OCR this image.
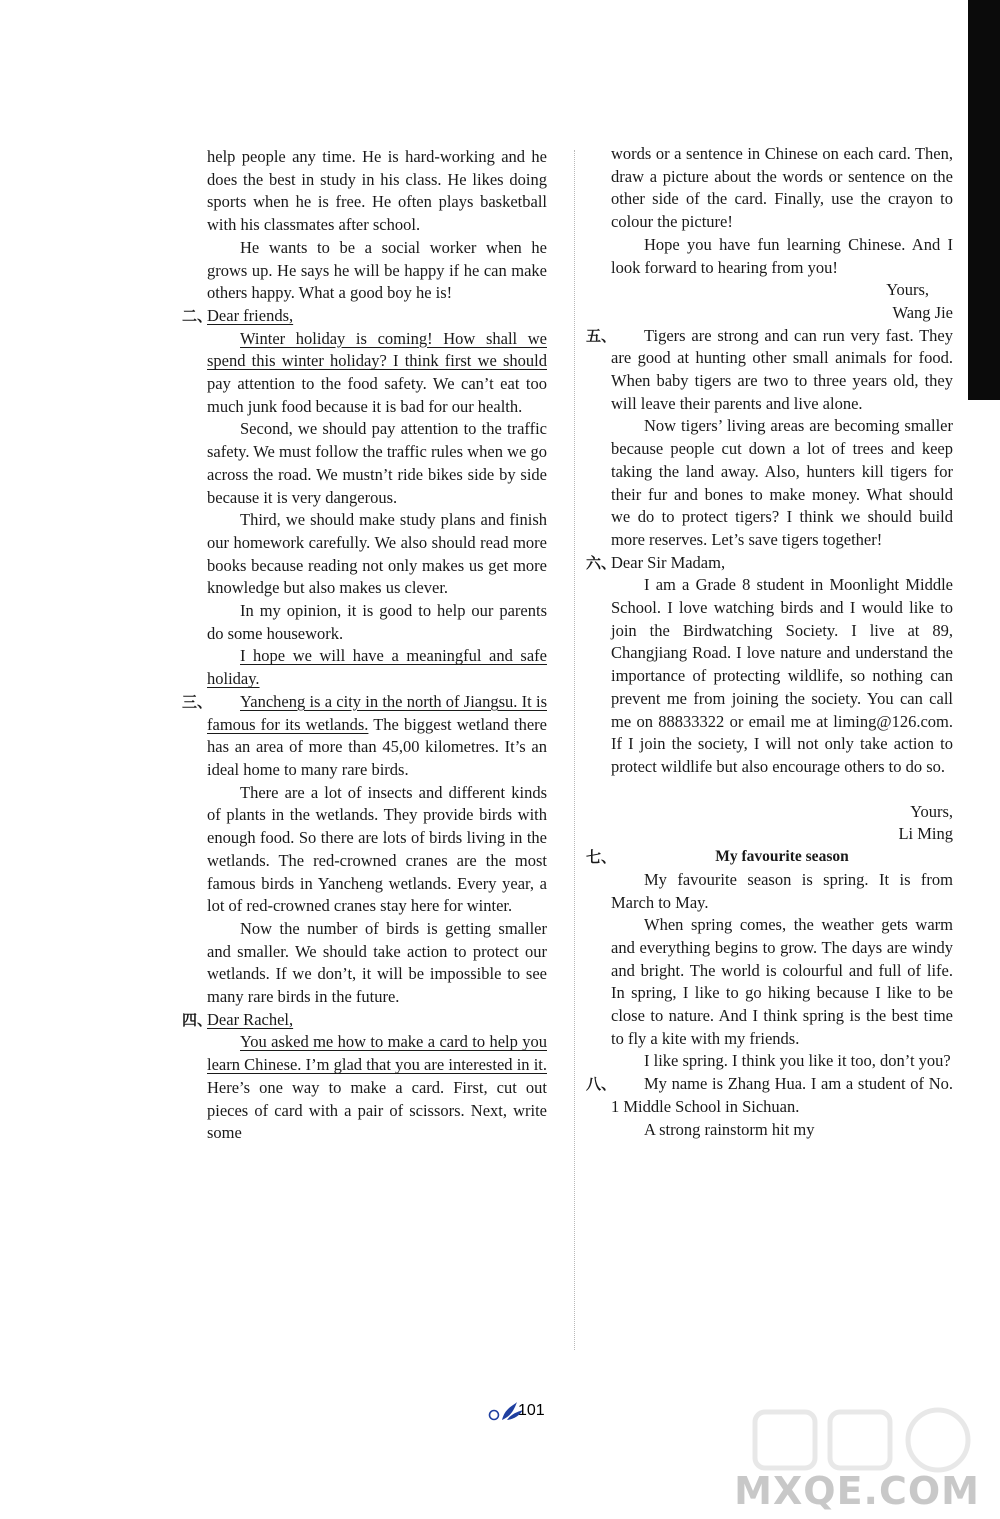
help people any time. He is hard-working and he does the best in study in his class. He likes doing sports when he is free. He often plays basketball with his classmates after school.

He wants to be a social worker when he grows up. He says he will be happy if he can make others happy. What a good boy he is!

二、

Dear friends,

Winter holiday is coming! How shall we spend this winter holiday? I think first we should pay attention to the food safety. We can’t eat too much junk food because it is bad for our health.

Second, we should pay attention to the traffic safety. We must follow the traffic rules when we go across the road. We mustn’t ride bikes side by side because it is very dangerous.

Third, we should make study plans and finish our homework carefully. We also should read more books because reading not only makes us get more knowledge but also makes us clever.

In my opinion, it is good to help our parents do some housework.

I hope we will have a meaningful and safe holiday.

三、	Yancheng is a city in the north of Jiangsu. It is famous for its wetlands. The biggest wetland there has an area of more than 45,00 kilometres. It’s an ideal home to many rare birds.

There are a lot of insects and different kinds of plants in the wetlands. They provide birds with enough food. So there are lots of birds living in the wetlands. The red-crowned cranes are the most famous birds in Yancheng wetlands. Every year, a lot of red-crowned cranes stay here for winter.

Now the number of birds is getting smaller and smaller. We should take action to protect our wetlands. If we don’t, it will be impossible to see many rare birds in the future.

四、

Dear Rachel,

You asked me how to make a card to help you learn Chinese. I’m glad that you are interested in it. Here’s one way to make a card. First, cut out pieces of card with a pair of scissors. Next, write some

words or a sentence in Chinese on each card. Then, draw a picture about the words or sentence on the other side of the card. Finally, use the crayon to colour the picture!

Hope you have fun learning Chinese. And I look forward to hearing from you!

Yours,

Wang Jie

五、	Tigers are strong and can run very fast. They are good at hunting other small animals for food. When baby tigers are two to three years old, they will leave their parents and live alone.

Now tigers’ living areas are becoming smaller because people cut down a lot of trees and keep taking the land away. Also, hunters kill tigers for their fur and bones to make money. What should we do to protect tigers? I think we should build more reserves. Let’s save tigers together!

六、

Dear Sir Madam,

I am a Grade 8 student in Moonlight Middle School. I love watching birds and I would like to join the Birdwatching Society. I live at 89, Changjiang Road. I love nature and understand the importance of protecting wildlife, so nothing can prevent me from joining the society. You can call me on 88833322 or email me at liming@126.com. If I join the society, I will not only take action to protect wildlife but also encourage others to do so.

Yours,

Li Ming

七、	My favourite season

My favourite season is spring. It is from March to May.

When spring comes, the weather gets warm and everything begins to grow. The days are windy and bright. The world is colourful and full of life. In spring, I like to go hiking because I like to be close to nature. And I think spring is the best time to fly a kite with my friends.

I like spring. I think you like it too, don’t you?

八、	My name is Zhang Hua. I am a student of No. 1 Middle School in Sichuan.

A strong rainstorm hit my

101
MXQE.COM
